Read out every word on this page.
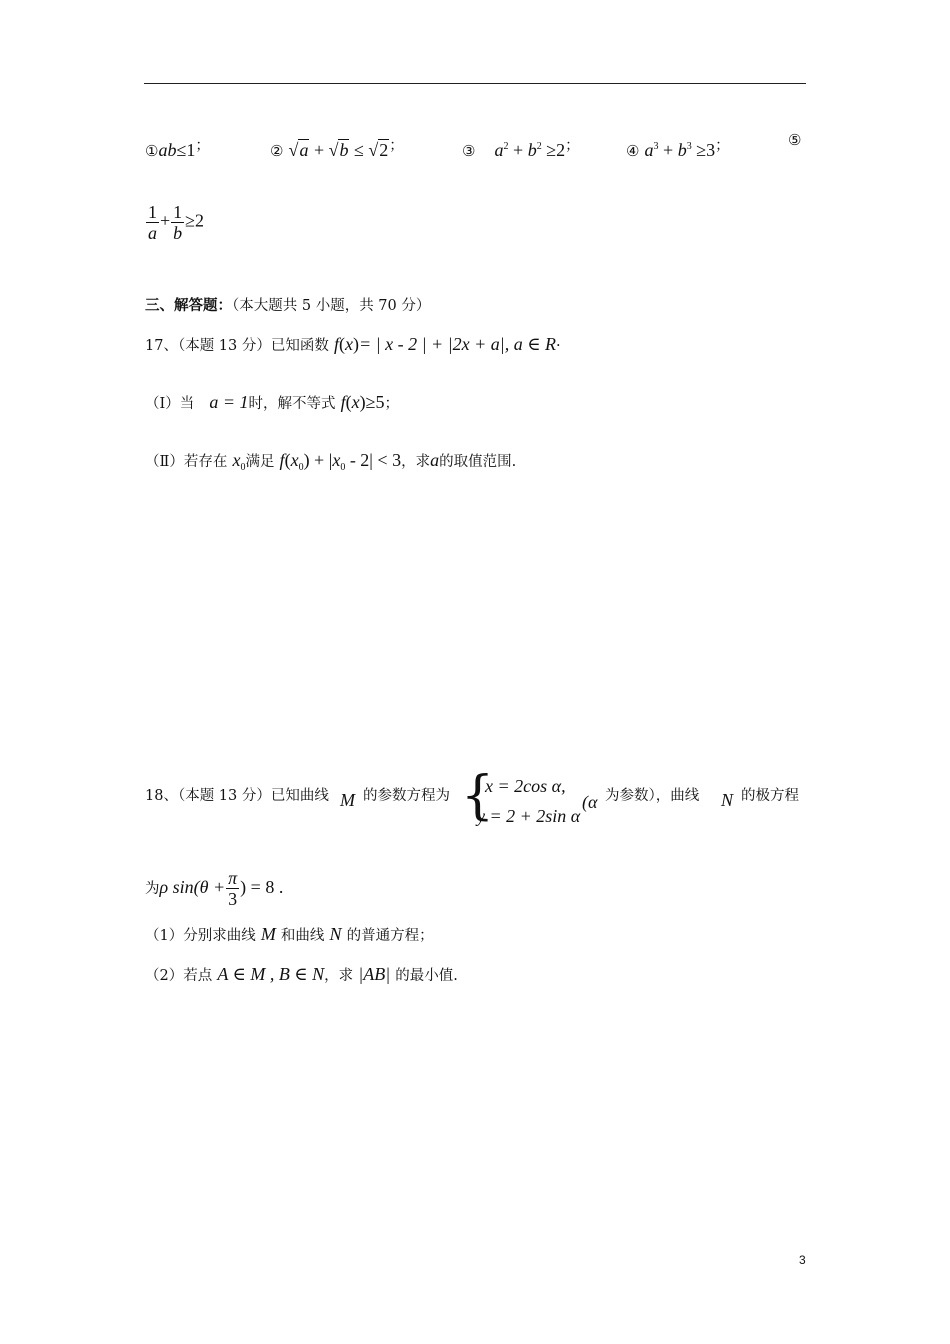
①ab≤1；	② √a + √b ≤ √2；	③ $a^2 + b^2 \ge 2$；	④ $a^3 + b^3 \ge 3$；	⑤
$\frac{1}{a} + \frac{1}{b} \ge 2$
三、解答题：（本大题共 5 小题，共 70 分）
17、（本题 13 分）已知函数 f(x)= | x - 2 | + |2x + a|, a ∈ R·
（Ⅰ）当 a = 1时，解不等式 f(x)≥5；
（Ⅱ）若存在 $x_0$满足 $f(x_0) + |x_0 - 2| < 3$，求a的取值范围.
18、（本题 13 分）已知曲线 M 的参数方程为 {
x = 2cos α,
y = 2 + 2sin α
(α 为参数），曲线 N 的极方程
为ρ $\sin(\theta + \frac{\pi}{3}$ ) = 8 .
（1）分别求曲线 M 和曲线 N 的普通方程；
（2）若点 A ∈ M , B ∈ N，求 |AB| 的最小值.
3
